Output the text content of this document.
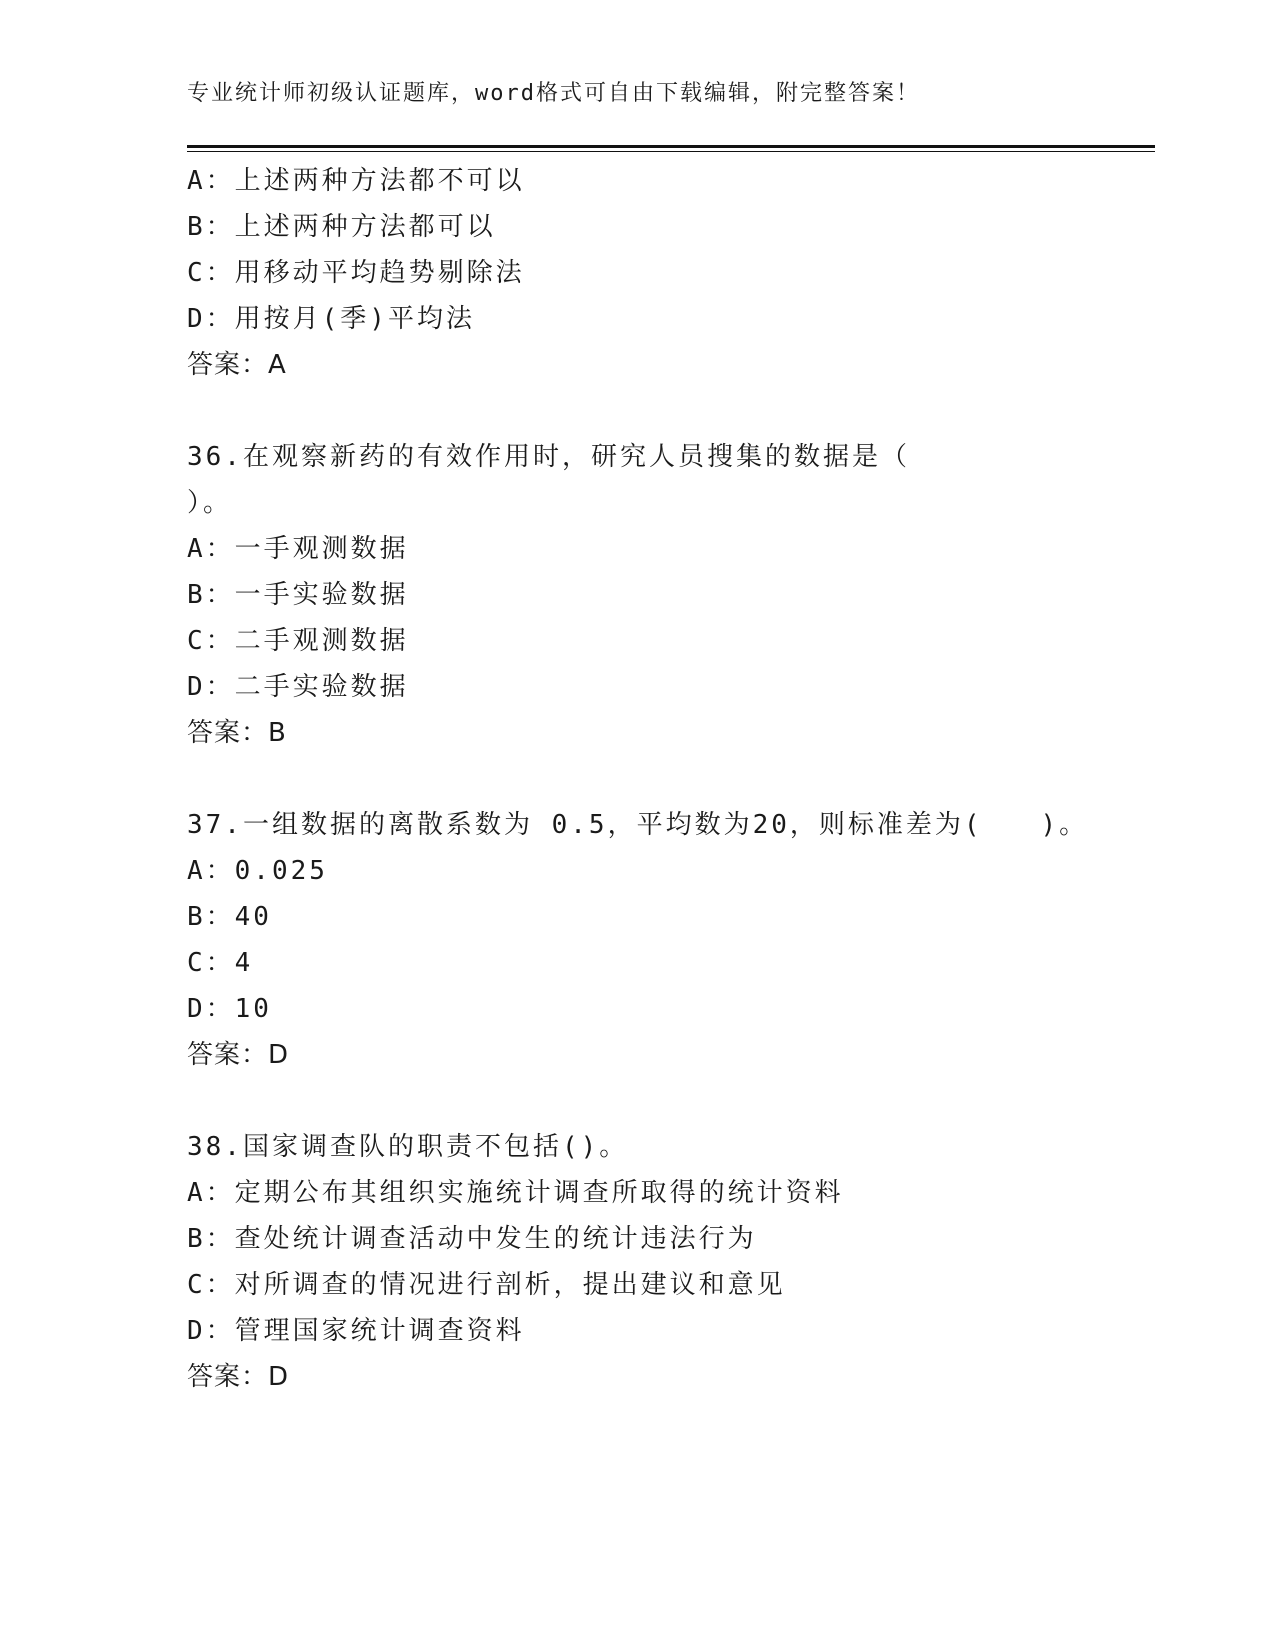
专业统计师初级认证题库，word格式可自由下载编辑，附完整答案！
A：上述两种方法都不可以
B：上述两种方法都可以
C：用移动平均趋势剔除法
D：用按月(季)平均法
答案：A
36.在观察新药的有效作用时，研究人员搜集的数据是（
）。
A：一手观测数据
B：一手实验数据
C：二手观测数据
D：二手实验数据
答案：B
37.一组数据的离散系数为 0.5，平均数为20，则标准差为(　　)。
A：0.025
B：40
C：4
D：10
答案：D
38.国家调查队的职责不包括()。
A：定期公布其组织实施统计调查所取得的统计资料
B：查处统计调查活动中发生的统计违法行为
C：对所调查的情况进行剖析，提出建议和意见
D：管理国家统计调查资料
答案：D
